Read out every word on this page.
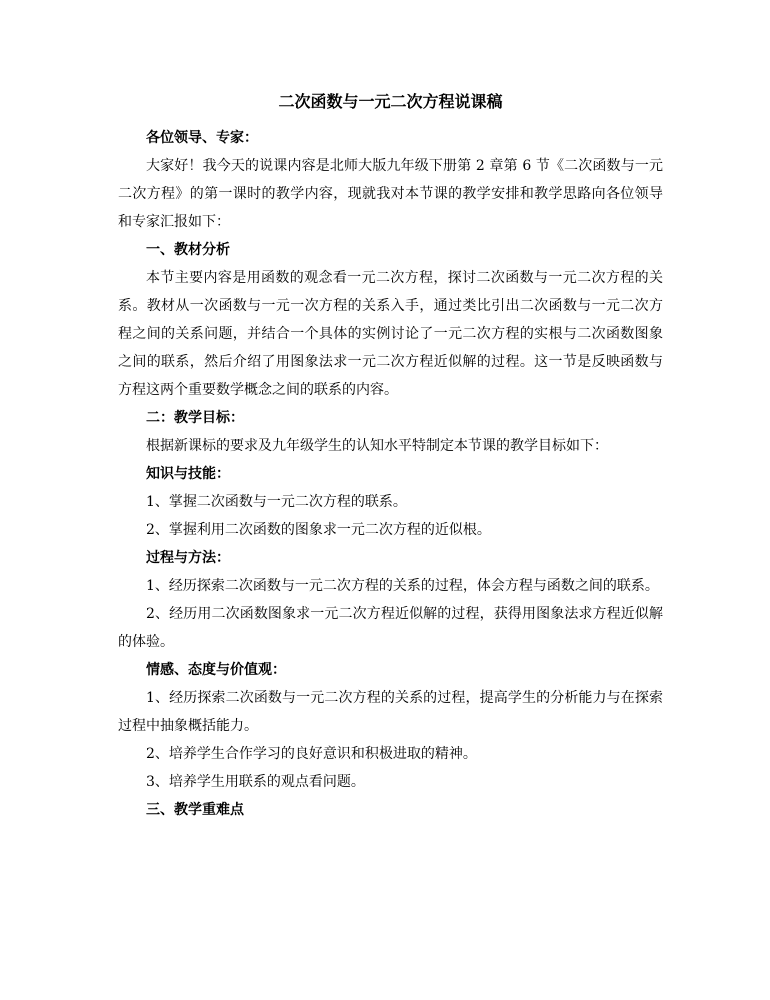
二次函数与一元二次方程说课稿

各位领导、专家：

大家好！我今天的说课内容是北师大版九年级下册第 2 章第 6 节《二次函数与一元二次方程》的第一课时的教学内容，现就我对本节课的教学安排和教学思路向各位领导和专家汇报如下：

一、教材分析

本节主要内容是用函数的观念看一元二次方程，探讨二次函数与一元二次方程的关系。教材从一次函数与一元一次方程的关系入手，通过类比引出二次函数与一元二次方程之间的关系问题，并结合一个具体的实例讨论了一元二次方程的实根与二次函数图象之间的联系，然后介绍了用图象法求一元二次方程近似解的过程。这一节是反映函数与方程这两个重要数学概念之间的联系的内容。

二：教学目标：

根据新课标的要求及九年级学生的认知水平特制定本节课的教学目标如下：

知识与技能：

1、掌握二次函数与一元二次方程的联系。

2、掌握利用二次函数的图象求一元二次方程的近似根。

过程与方法：

1、经历探索二次函数与一元二次方程的关系的过程，体会方程与函数之间的联系。

2、经历用二次函数图象求一元二次方程近似解的过程，获得用图象法求方程近似解的体验。

情感、态度与价值观：

1、经历探索二次函数与一元二次方程的关系的过程，提高学生的分析能力与在探索过程中抽象概括能力。

2、培养学生合作学习的良好意识和积极进取的精神。

3、培养学生用联系的观点看问题。

三、教学重难点
